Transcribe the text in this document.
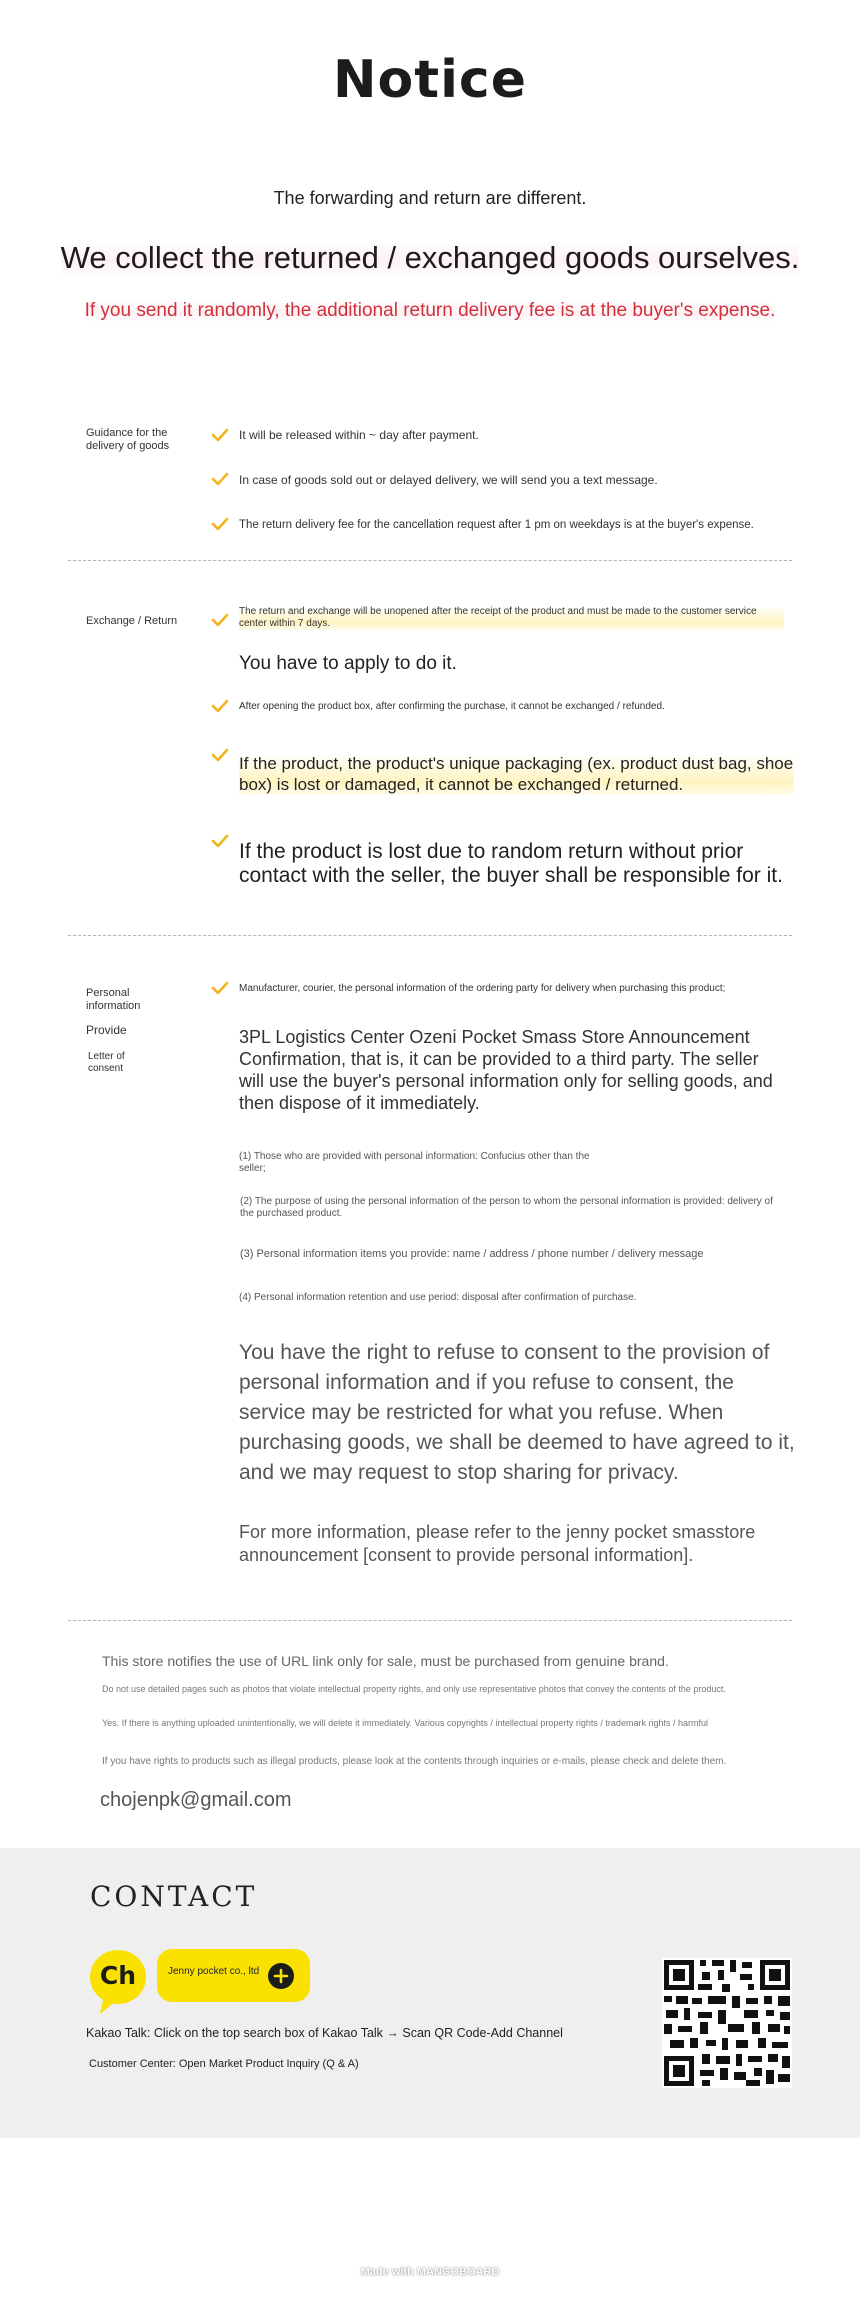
Notice
The forwarding and return are different.
We collect the returned / exchanged goods ourselves.
If you send it randomly, the additional return delivery fee is at the buyer's expense.
Guidance for the delivery of goods
It will be released within ~ day after payment.
In case of goods sold out or delayed delivery, we will send you a text message.
The return delivery fee for the cancellation request after 1 pm on weekdays is at the buyer's expense.
Exchange / Return
The return and exchange will be unopened after the receipt of the product and must be made to the customer service center within 7 days.
You have to apply to do it.
After opening the product box, after confirming the purchase, it cannot be exchanged / refunded.
If the product, the product's unique packaging (ex. product dust bag, shoe box) is lost or damaged, it cannot be exchanged / returned.
If the product is lost due to random return without prior contact with the seller, the buyer shall be responsible for it.
Personal information
Provide
Letter of consent
Manufacturer, courier, the personal information of the ordering party for delivery when purchasing this product;
3PL Logistics Center Ozeni Pocket Smass Store Announcement Confirmation, that is, it can be provided to a third party. The seller will use the buyer's personal information only for selling goods, and then dispose of it immediately.
(1) Those who are provided with personal information: Confucius other than the seller;
(2) The purpose of using the personal information of the person to whom the personal information is provided: delivery of the purchased product.
(3) Personal information items you provide: name / address / phone number / delivery message
(4) Personal information retention and use period: disposal after confirmation of purchase.
You have the right to refuse to consent to the provision of personal information and if you refuse to consent, the service may be restricted for what you refuse. When purchasing goods, we shall be deemed to have agreed to it, and we may request to stop sharing for privacy.
For more information, please refer to the jenny pocket smasstore announcement [consent to provide personal information].
This store notifies the use of URL link only for sale, must be purchased from genuine brand.
Do not use detailed pages such as photos that violate intellectual property rights, and only use representative photos that convey the contents of the product.
Yes. If there is anything uploaded unintentionally, we will delete it immediately. Various copyrights / intellectual property rights / trademark rights / harmful
If you have rights to products such as illegal products, please look at the contents through inquiries or e-mails, please check and delete them.
chojenpk@gmail.com
CONTACT
Ch	Jenny pocket co., ltd
Kakao Talk: Click on the top search box of Kakao Talk → Scan QR Code-Add Channel
Customer Center: Open Market Product Inquiry (Q & A)
Made with MANGOBOARD
